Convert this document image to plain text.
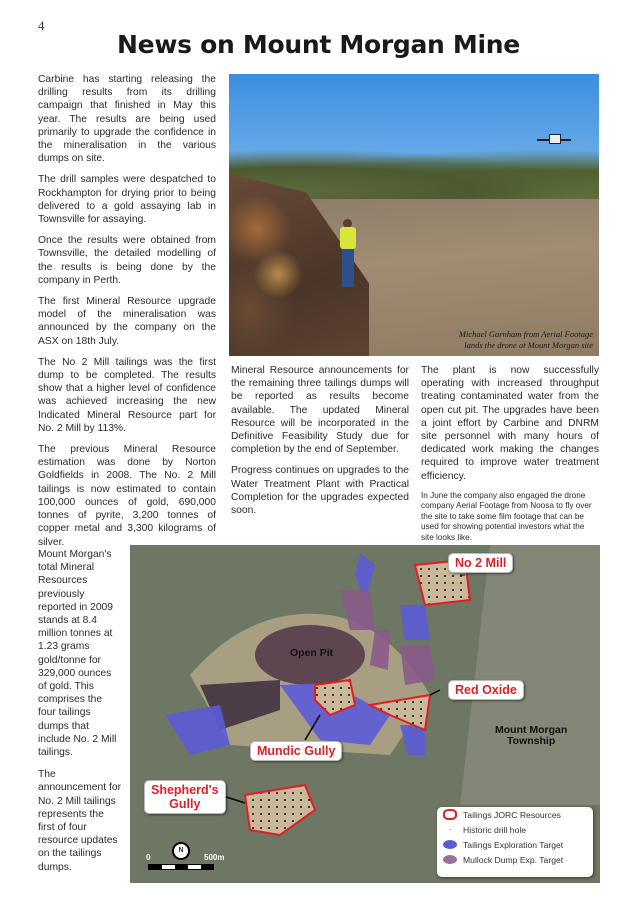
4
News on Mount Morgan Mine

Carbine has starting releasing the drilling results from its drilling campaign that finished in May this year. The results are being used primarily to upgrade the confidence in the mineralisation in the various dumps on site.

The drill samples were despatched to Rockhampton for drying prior to being delivered to a gold assaying lab in Townsville for assaying.

Once the results were obtained from Townsville, the detailed modelling of the results is being done by the company in Perth.

The first Mineral Resource upgrade model of the mineralisation was announced by the company on the ASX on 18th July.

The No 2 Mill tailings was the first dump to be completed. The results show that a higher level of confidence was achieved increasing the new Indicated Mineral Resource part for No. 2 Mill by 113%.

The previous Mineral Resource estimation was done by Norton Goldfields in 2008. The No. 2 Mill tailings is now estimated to contain 100,000 ounces of gold, 690,000 tonnes of pyrite, 3,200 tonnes of copper metal and 3,300 kilograms of silver.

Michael Garnham from Aerial Footage
lands the drone at Mount Morgan site

Mineral Resource announcements for the remaining three tailings dumps will be reported as results become available. The updated Mineral Resource will be incorporated in the Definitive Feasibility Study due for completion by the end of September.

Progress continues on upgrades to the Water Treatment Plant with Practical Completion for the upgrades expected soon.

The plant is now successfully operating with increased throughput treating contaminated water from the open cut pit. The upgrades have been a joint effort by Carbine and DNRM site personnel with many hours of dedicated work making the changes required to improve water treatment efficiency.

In June the company also engaged the drone company Aerial Footage from Noosa to fly over the site to take some film footage that can be used for showing potential investors what the site looks like.

Mount Morgan's total Mineral Resources previously reported in 2009 stands at 8.4 million tonnes at 1.23 grams gold/tonne for 329,000 ounces of gold. This comprises the four tailings dumps that include No. 2 Mill tailings.

The announcement for No. 2 Mill tailings represents the first of four resource updates on the tailings dumps.

Open Pit
No 2 Mill
Red Oxide
Mundic Gully
Shepherd's
Gully
Mount Morgan
Township
N
0	500m
Tailings JORC Resources
·	Historic drill hole
Tailings Exploration Target
Mullock Dump Exp. Target
